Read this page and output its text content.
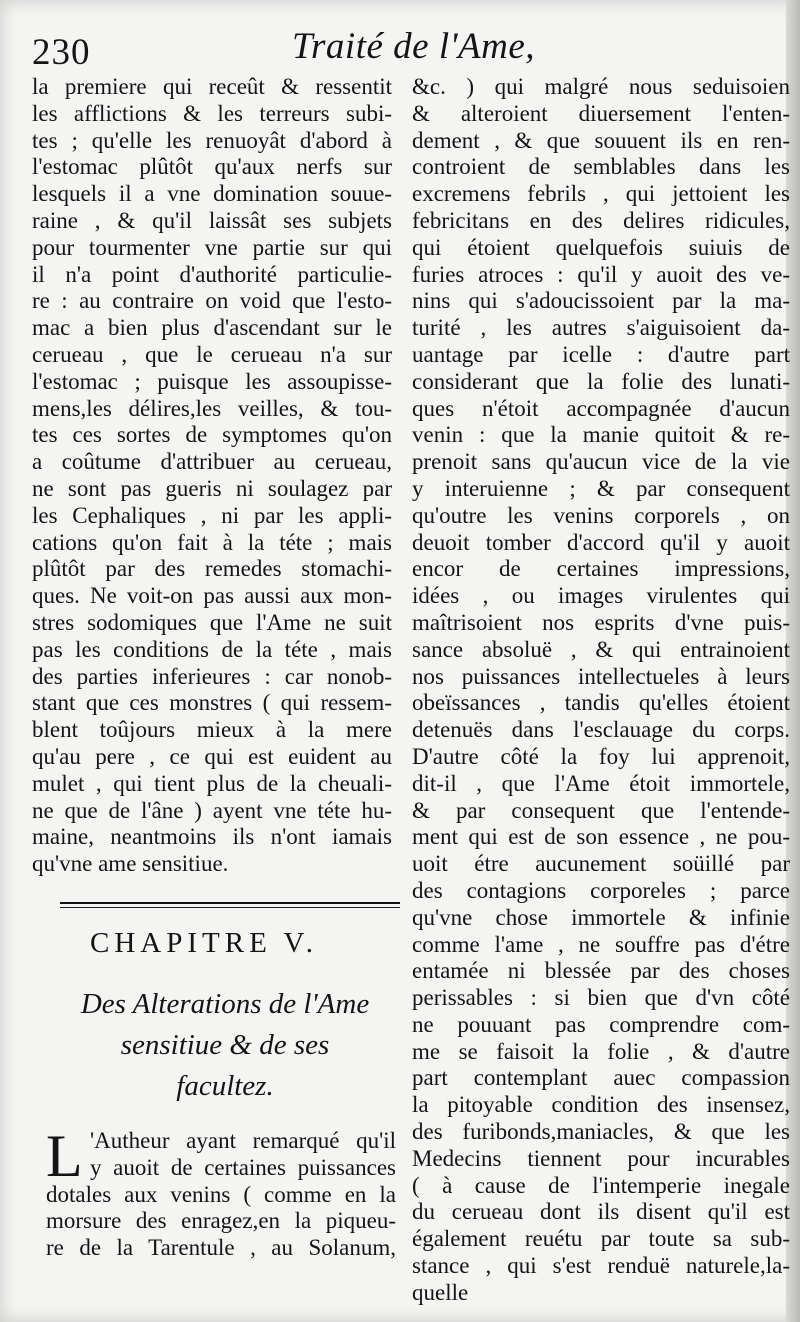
230	Traité de l'Ame,
la premiere qui receût & ressentit
les afflictions & les terreurs subi-
tes ; qu'elle les renuoyât d'abord à
l'estomac plûtôt qu'aux nerfs sur
lesquels il a vne domination souue-
raine , & qu'il laissât ses subjets
pour tourmenter vne partie sur qui
il n'a point d'authorité particulie-
re : au contraire on void que l'esto-
mac a bien plus d'ascendant sur le
cerueau , que le cerueau n'a sur
l'estomac ; puisque les assoupisse-
mens,les délires,les veilles, & tou-
tes ces sortes de symptomes qu'on
a coûtume d'attribuer au cerueau,
ne sont pas gueris ni soulagez par
les Cephaliques , ni par les appli-
cations qu'on fait à la téte ; mais
plûtôt par des remedes stomachi-
ques. Ne voit-on pas aussi aux mon-
stres sodomiques que l'Ame ne suit
pas les conditions de la téte , mais
des parties inferieures : car nonob-
stant que ces monstres ( qui ressem-
blent toûjours mieux à la mere
qu'au pere , ce qui est euident au
mulet , qui tient plus de la cheuali-
ne que de l'âne ) ayent vne téte hu-
maine, neantmoins ils n'ont iamais
qu'vne ame sensitiue.
CHAPITRE V.
Des Alterations de l'Ame
sensitiue & de ses
facultez.
L 'Autheur ayant remarqué qu'il
y auoit de certaines puissances
dotales aux venins ( comme en la
morsure des enragez,en la piqueu-
re de la Tarentule , au Solanum,
&c. ) qui malgré nous seduisoien
& alteroient diuersement l'enten-
dement , & que souuent ils en ren-
controient de semblables dans les
excremens febrils , qui jettoient les
febricitans en des delires ridicules,
qui étoient quelquefois suiuis de
furies atroces : qu'il y auoit des ve-
nins qui s'adoucissoient par la ma-
turité , les autres s'aiguisoient da-
uantage par icelle : d'autre part
considerant que la folie des lunati-
ques n'étoit accompagnée d'aucun
venin : que la manie quitoit & re-
prenoit sans qu'aucun vice de la vie
y interuienne ; & par consequent
qu'outre les venins corporels , on
deuoit tomber d'accord qu'il y auoit
encor de certaines impressions,
idées , ou images virulentes qui
maîtrisoient nos esprits d'vne puis-
sance absoluë , & qui entrainoient
nos puissances intellectueles à leurs
obeïssances , tandis qu'elles étoient
detenuës dans l'esclauage du corps.
D'autre côté la foy lui apprenoit,
dit-il , que l'Ame étoit immortele,
& par consequent que l'entende-
ment qui est de son essence , ne pou-
uoit étre aucunement soüillé par
des contagions corporeles ; parce
qu'vne chose immortele & infinie
comme l'ame , ne souffre pas d'étre
entamée ni blessée par des choses
perissables : si bien que d'vn côté
ne pouuant pas comprendre com-
me se faisoit la folie , & d'autre
part contemplant auec compassion
la pitoyable condition des insensez,
des furibonds,maniacles, & que les
Medecins tiennent pour incurables
( à cause de l'intemperie inegale
du cerueau dont ils disent qu'il est
également reuétu par toute sa sub-
stance , qui s'est renduë naturele,la-
quelle
